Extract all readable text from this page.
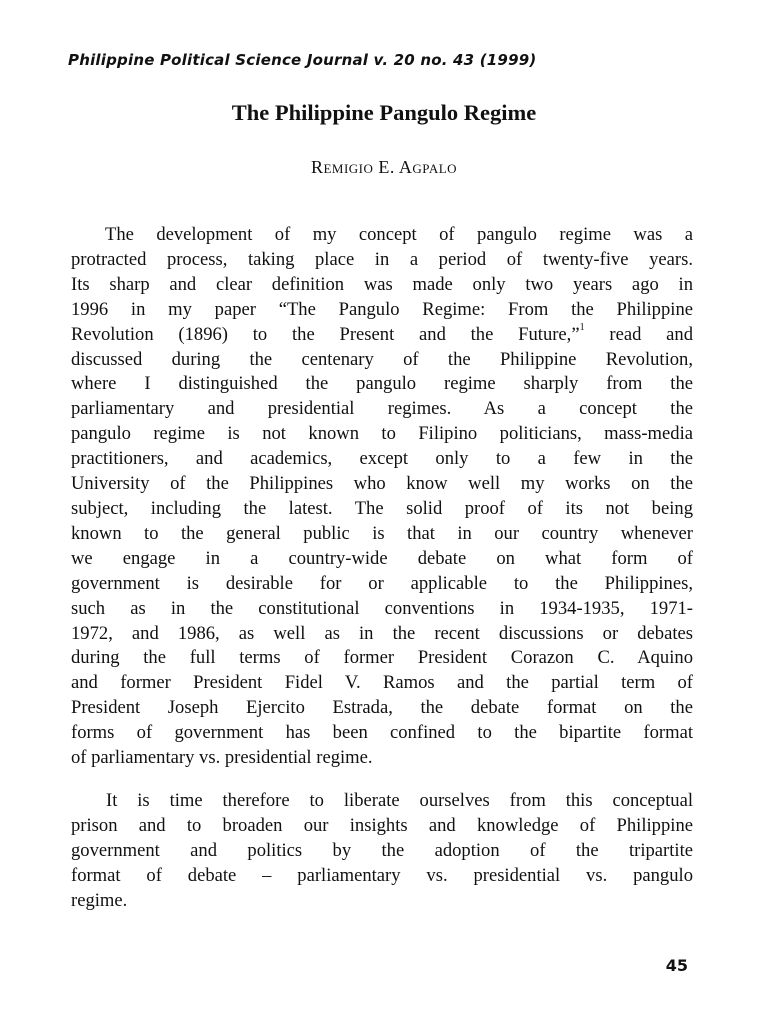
Philippine Political Science Journal v. 20 no. 43 (1999)
The Philippine Pangulo Regime
Remigio E. Agpalo
The development of my concept of pangulo regime was a
protracted process, taking place in a period of twenty-five years.
Its sharp and clear definition was made only two years ago in
1996 in my paper “The Pangulo Regime: From the Philippine
Revolution (1896) to the Present and the Future,”$^1$ read and
discussed during the centenary of the Philippine Revolution,
where I distinguished the pangulo regime sharply from the
parliamentary and presidential regimes. As a concept the
pangulo regime is not known to Filipino politicians, mass-media
practitioners, and academics, except only to a few in the
University of the Philippines who know well my works on the
subject, including the latest. The solid proof of its not being
known to the general public is that in our country whenever
we engage in a country-wide debate on what form of
government is desirable for or applicable to the Philippines,
such as in the constitutional conventions in 1934-1935, 1971-
1972, and 1986, as well as in the recent discussions or debates
during the full terms of former President Corazon C. Aquino
and former President Fidel V. Ramos and the partial term of
President Joseph Ejercito Estrada, the debate format on the
forms of government has been confined to the bipartite format
of parliamentary vs. presidential regime.
It is time therefore to liberate ourselves from this conceptual
prison and to broaden our insights and knowledge of Philippine
government and politics by the adoption of the tripartite
format of debate – parliamentary vs. presidential vs. pangulo
regime.
45
